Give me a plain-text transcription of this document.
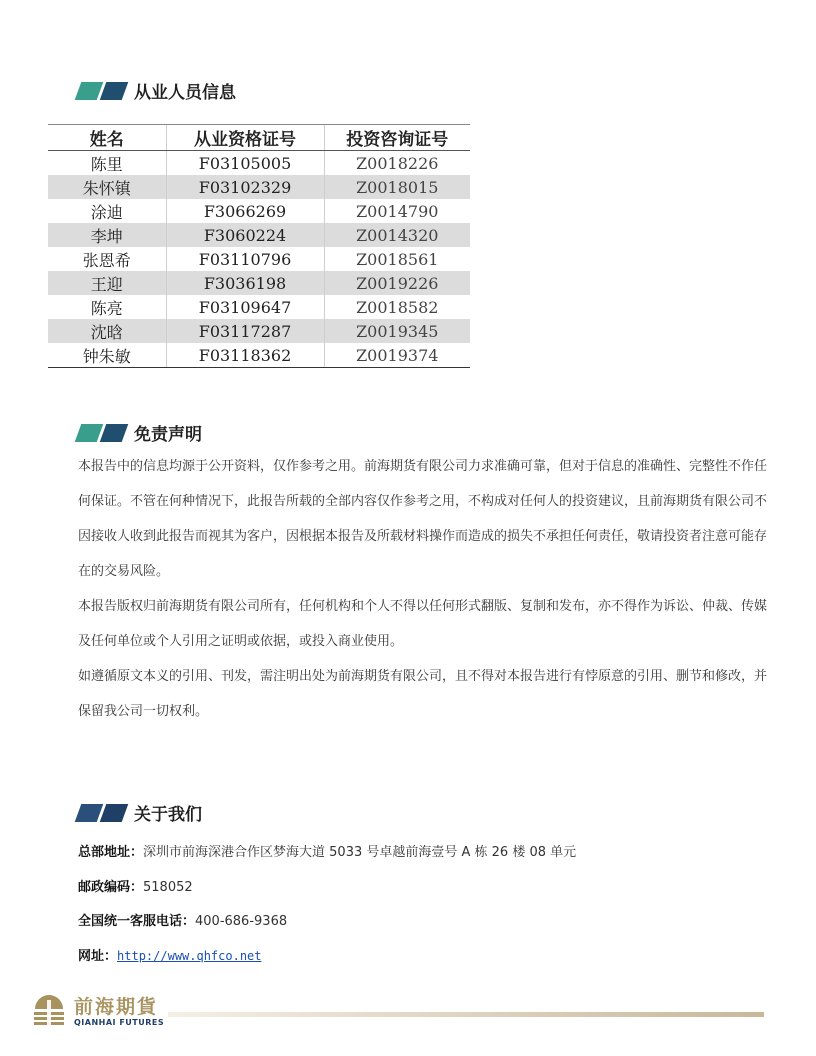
从业人员信息
姓名	从业资格证号	投资咨询证号
陈里	F03105005	Z0018226
朱怀镇	F03102329	Z0018015
涂迪	F3066269	Z0014790
李坤	F3060224	Z0014320
张恩希	F03110796	Z0018561
王迎	F3036198	Z0019226
陈亮	F03109647	Z0018582
沈晗	F03117287	Z0019345
钟朱敏	F03118362	Z0019374
免责声明
本报告中的信息均源于公开资料，仅作参考之用。前海期货有限公司力求准确可靠，但对于信息的准确性、完整性不作任何保证。不管在何种情况下，此报告所载的全部内容仅作参考之用，不构成对任何人的投资建议，且前海期货有限公司不因接收人收到此报告而视其为客户，因根据本报告及所载材料操作而造成的损失不承担任何责任，敬请投资者注意可能存在的交易风险。
本报告版权归前海期货有限公司所有，任何机构和个人不得以任何形式翻版、复制和发布，亦不得作为诉讼、仲裁、传媒及任何单位或个人引用之证明或依据，或投入商业使用。
如遵循原文本义的引用、刊发，需注明出处为前海期货有限公司，且不得对本报告进行有悖原意的引用、删节和修改，并保留我公司一切权利。
关于我们
总部地址：深圳市前海深港合作区梦海大道 5033 号卓越前海壹号 A 栋 26 楼 08 单元
邮政编码：518052
全国统一客服电话：400-686-9368
网址：http://www.qhfco.net
前海期貨
QIANHAI FUTURES
